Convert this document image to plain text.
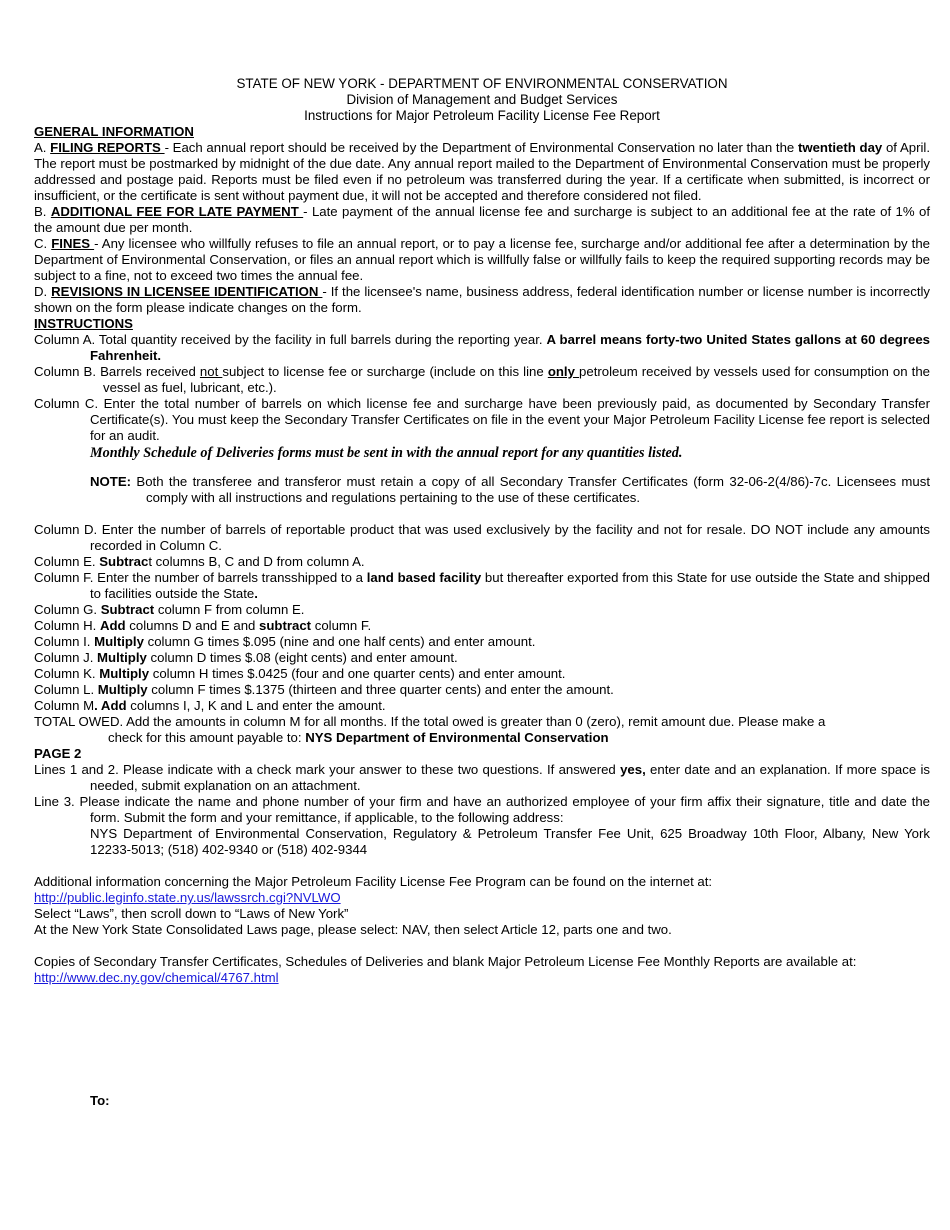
STATE OF NEW YORK - DEPARTMENT OF ENVIRONMENTAL CONSERVATION
Division of Management and Budget Services
Instructions for Major Petroleum Facility License Fee Report
GENERAL INFORMATION
A. FILING REPORTS - Each annual report should be received by the Department of Environmental Conservation no later than the twentieth day of April. The report must be postmarked by midnight of the due date. Any annual report mailed to the Department of Environmental Conservation must be properly addressed and postage paid. Reports must be filed even if no petroleum was transferred during the year. If a certificate when submitted, is incorrect or insufficient, or the certificate is sent without payment due, it will not be accepted and therefore considered not filed.
B. ADDITIONAL FEE FOR LATE PAYMENT - Late payment of the annual license fee and surcharge is subject to an additional fee at the rate of 1% of the amount due per month.
C. FINES - Any licensee who willfully refuses to file an annual report, or to pay a license fee, surcharge and/or additional fee after a determination by the Department of Environmental Conservation, or files an annual report which is willfully false or willfully fails to keep the required supporting records may be subject to a fine, not to exceed two times the annual fee.
D. REVISIONS IN LICENSEE IDENTIFICATION - If the licensee's name, business address, federal identification number or license number is incorrectly shown on the form please indicate changes on the form.
INSTRUCTIONS
Column A. Total quantity received by the facility in full barrels during the reporting year. A barrel means forty-two United States gallons at 60 degrees Fahrenheit.
Column B. Barrels received not subject to license fee or surcharge (include on this line only petroleum received by vessels used for consumption on the vessel as fuel, lubricant, etc.).
Column C. Enter the total number of barrels on which license fee and surcharge have been previously paid, as documented by Secondary Transfer Certificate(s). You must keep the Secondary Transfer Certificates on file in the event your Major Petroleum Facility License fee report is selected for an audit.
Monthly Schedule of Deliveries forms must be sent in with the annual report for any quantities listed.
NOTE: Both the transferee and transferor must retain a copy of all Secondary Transfer Certificates (form 32-06-2(4/86)-7c. Licensees must comply with all instructions and regulations pertaining to the use of these certificates.
Column D. Enter the number of barrels of reportable product that was used exclusively by the facility and not for resale. DO NOT include any amounts recorded in Column C.
Column E. Subtract columns B, C and D from column A.
Column F. Enter the number of barrels transshipped to a land based facility but thereafter exported from this State for use outside the State and shipped to facilities outside the State.
Column G. Subtract column F from column E.
Column H. Add columns D and E and subtract column F.
Column I. Multiply column G times $.095 (nine and one half cents) and enter amount.
Column J. Multiply column D times $.08 (eight cents) and enter amount.
Column K. Multiply column H times $.0425 (four and one quarter cents) and enter amount.
Column L. Multiply column F times $.1375 (thirteen and three quarter cents) and enter the amount.
Column M. Add columns I, J, K and L and enter the amount.
TOTAL OWED. Add the amounts in column M for all months. If the total owed is greater than 0 (zero), remit amount due. Please make a
check for this amount payable to: NYS Department of Environmental Conservation
PAGE 2
Lines 1 and 2. Please indicate with a check mark your answer to these two questions. If answered yes, enter date and an explanation. If more space is needed, submit explanation on an attachment.
Line 3. Please indicate the name and phone number of your firm and have an authorized employee of your firm affix their signature, title and date the form. Submit the form and your remittance, if applicable, to the following address:
NYS Department of Environmental Conservation, Regulatory & Petroleum Transfer Fee Unit, 625 Broadway 10th Floor, Albany, New York 12233-5013; (518) 402-9340 or (518) 402-9344
Additional information concerning the Major Petroleum Facility License Fee Program can be found on the internet at:
http://public.leginfo.state.ny.us/lawssrch.cgi?NVLWO
Select “Laws”, then scroll down to “Laws of New York”
At the New York State Consolidated Laws page, please select: NAV, then select Article 12, parts one and two.
Copies of Secondary Transfer Certificates, Schedules of Deliveries and blank Major Petroleum License Fee Monthly Reports are available at:
http://www.dec.ny.gov/chemical/4767.html
To:
